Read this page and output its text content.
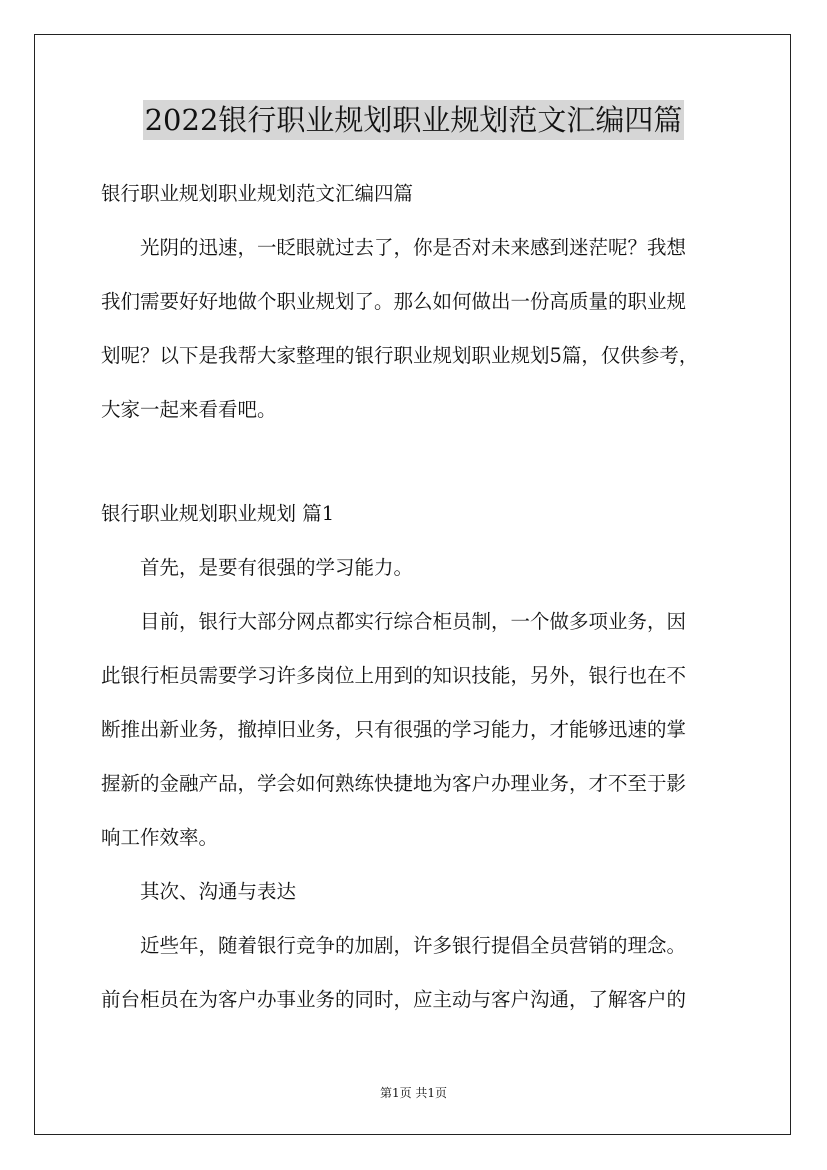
2022银行职业规划职业规划范文汇编四篇
银行职业规划职业规划范文汇编四篇
光阴的迅速，一眨眼就过去了，你是否对未来感到迷茫呢？我想
我们需要好好地做个职业规划了。那么如何做出一份高质量的职业规
划呢？以下是我帮大家整理的银行职业规划职业规划5篇，仅供参考，
大家一起来看看吧。
银行职业规划职业规划 篇1
首先，是要有很强的学习能力。
目前，银行大部分网点都实行综合柜员制，一个做多项业务，因
此银行柜员需要学习许多岗位上用到的知识技能，另外，银行也在不
断推出新业务，撤掉旧业务，只有很强的学习能力，才能够迅速的掌
握新的金融产品，学会如何熟练快捷地为客户办理业务，才不至于影
响工作效率。
其次、沟通与表达
近些年，随着银行竞争的加剧，许多银行提倡全员营销的理念。
前台柜员在为客户办事业务的同时，应主动与客户沟通，了解客户的
第1页 共1页
